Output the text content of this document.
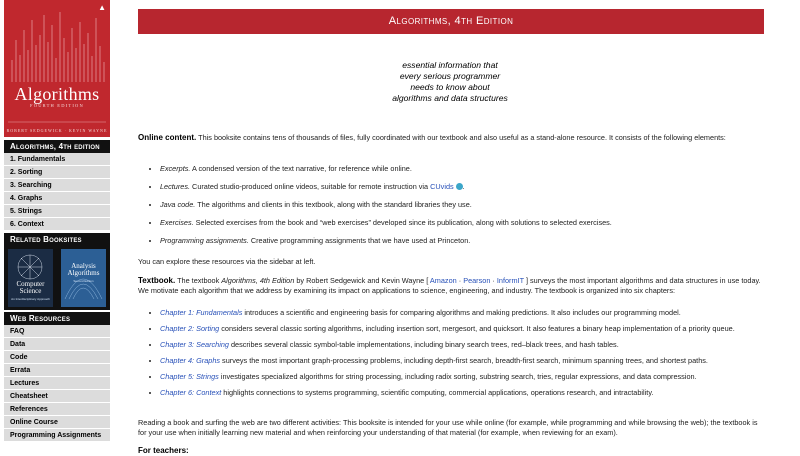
▲
Algorithms
FOURTH EDITION
ROBERT SEDGEWICK · KEVIN WAYNE
Algorithms, 4th edition
1. Fundamentals
2. Sorting
3. Searching
4. Graphs
5. Strings
6. Context
Related Booksites
Computer
Science
An Interdisciplinary Approach
Analysis
Algorithms
Second Edition
Web Resources
FAQ
Data
Code
Errata
Lectures
Cheatsheet
References
Online Course
Programming Assignments
Algorithms, 4th Edition
essential information that
every serious programmer
needs to know about
algorithms and data structures
Online content. This booksite contains tens of thousands of files, fully coordinated with our textbook and also useful as a stand-alone resource. It consists of the following elements:
• Excerpts. A condensed version of the text narrative, for reference while online.
• Lectures. Curated studio-produced online videos, suitable for remote instruction via CUvids .
• Java code. The algorithms and clients in this textbook, along with the standard libraries they use.
• Exercises. Selected exercises from the book and “web exercises” developed since its publication, along with solutions to selected exercises.
• Programming assignments. Creative programming assignments that we have used at Princeton.
You can explore these resources via the sidebar at left.
Textbook. The textbook Algorithms, 4th Edition by Robert Sedgewick and Kevin Wayne [ Amazon · Pearson · InformIT ] surveys the most important algorithms and data structures in use today. We motivate each algorithm that we address by examining its impact on applications to science, engineering, and industry. The textbook is organized into six chapters:
• Chapter 1: Fundamentals introduces a scientific and engineering basis for comparing algorithms and making predictions. It also includes our programming model.
• Chapter 2: Sorting considers several classic sorting algorithms, including insertion sort, mergesort, and quicksort. It also features a binary heap implementation of a priority queue.
• Chapter 3: Searching describes several classic symbol-table implementations, including binary search trees, red–black trees, and hash tables.
• Chapter 4: Graphs surveys the most important graph-processing problems, including depth-first search, breadth-first search, minimum spanning trees, and shortest paths.
• Chapter 5: Strings investigates specialized algorithms for string processing, including radix sorting, substring search, tries, regular expressions, and data compression.
• Chapter 6: Context highlights connections to systems programming, scientific computing, commercial applications, operations research, and intractability.
Reading a book and surfing the web are two different activities: This booksite is intended for your use while online (for example, while programming and while browsing the web); the textbook is for your use when initially learning new material and when reinforcing your understanding of that material (for example, when reviewing for an exam).
For teachers:
